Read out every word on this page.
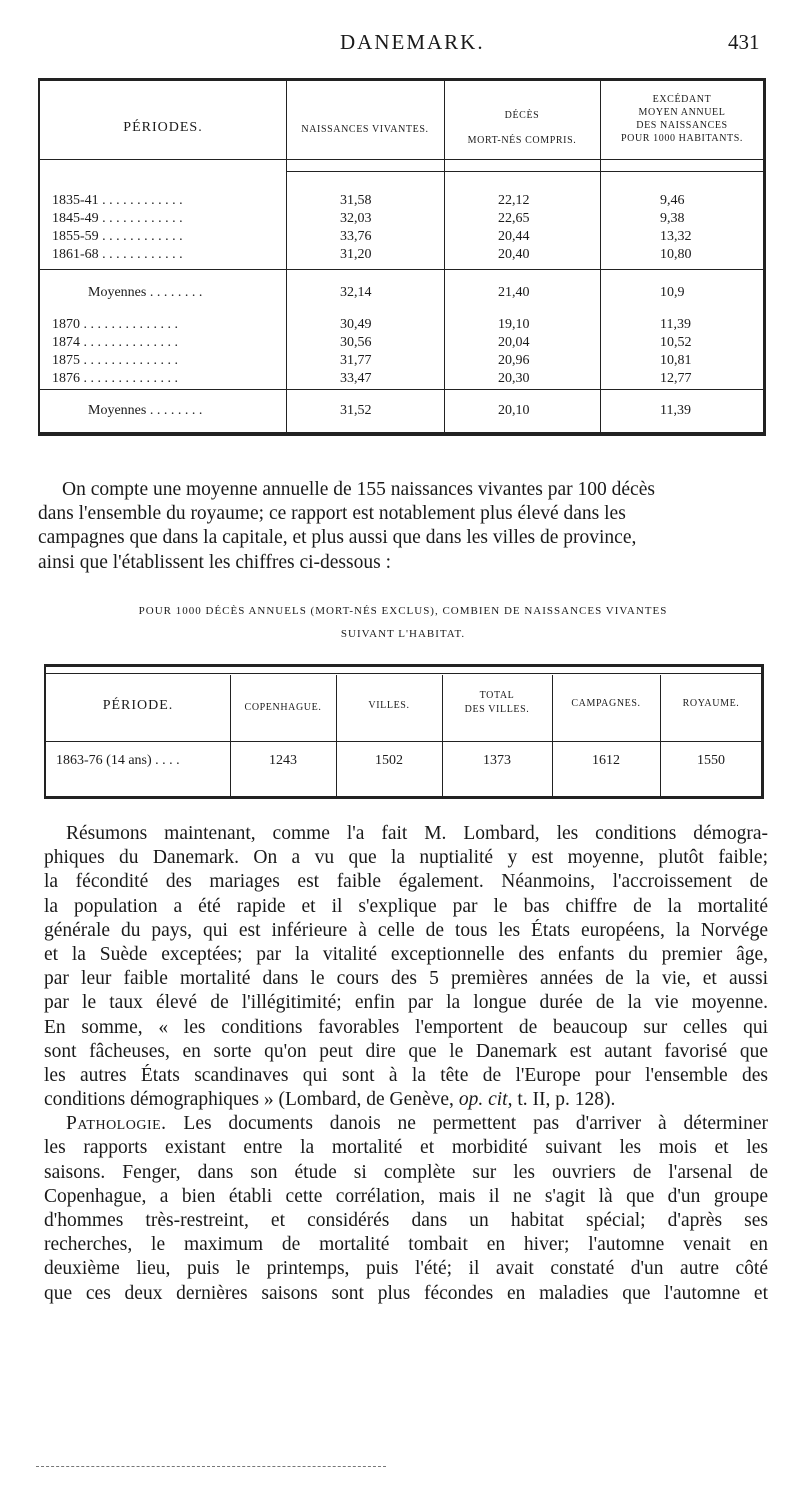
DANEMARK.	431
PÉRIODES.	NAISSANCES VIVANTES.
DÉCÈS
MORT-NÉS COMPRIS.
EXCÉDANT
MOYEN ANNUEL
DES NAISSANCES
POUR 1000 HABITANTS.
1835-41 . . . . . . . . . . . .	31,58	22,12	9,46
1845-49 . . . . . . . . . . . .	32,03	22,65	9,38
1855-59 . . . . . . . . . . . .	33,76	20,44	13,32
1861-68 . . . . . . . . . . . .	31,20	20,40	10,80
Moyennes . . . . . . . .	32,14	21,40	10,9
1870 . . . . . . . . . . . . . .	30,49	19,10	11,39
1874 . . . . . . . . . . . . . .	30,56	20,04	10,52
1875 . . . . . . . . . . . . . .	31,77	20,96	10,81
1876 . . . . . . . . . . . . . .	33,47	20,30	12,77
Moyennes . . . . . . . .	31,52	20,10	11,39
On compte une moyenne annuelle de 155 naissances vivantes par 100 décès
dans l'ensemble du royaume; ce rapport est notablement plus élevé dans les
campagnes que dans la capitale, et plus aussi que dans les villes de province,
ainsi que l'établissent les chiffres ci-dessous :
POUR 1000 DÉCÈS ANNUELS (MORT-NÉS EXCLUS), COMBIEN DE NAISSANCES VIVANTES
SUIVANT L'HABITAT.
PÉRIODE.	COPENHAGUE.	VILLES.
TOTAL
DES VILLES.
CAMPAGNES.	ROYAUME.
1863-76 (14 ans) . . . .	1243	1502	1373	1612	1550
Résumons maintenant, comme l'a fait M. Lombard, les conditions démogra-
phiques du Danemark. On a vu que la nuptialité y est moyenne, plutôt faible;
la fécondité des mariages est faible également. Néanmoins, l'accroissement de
la population a été rapide et il s'explique par le bas chiffre de la mortalité
générale du pays, qui est inférieure à celle de tous les États européens, la Norvége
et la Suède exceptées; par la vitalité exceptionnelle des enfants du premier âge,
par leur faible mortalité dans le cours des 5 premières années de la vie, et aussi
par le taux élevé de l'illégitimité; enfin par la longue durée de la vie moyenne.
En somme, « les conditions favorables l'emportent de beaucoup sur celles qui
sont fâcheuses, en sorte qu'on peut dire que le Danemark est autant favorisé que
les autres États scandinaves qui sont à la tête de l'Europe pour l'ensemble des
conditions démographiques » (Lombard, de Genève, op. cit, t. II, p. 128).
Pathologie. Les documents danois ne permettent pas d'arriver à déterminer
les rapports existant entre la mortalité et morbidité suivant les mois et les
saisons. Fenger, dans son étude si complète sur les ouvriers de l'arsenal de
Copenhague, a bien établi cette corrélation, mais il ne s'agit là que d'un groupe
d'hommes très-restreint, et considérés dans un habitat spécial; d'après ses
recherches, le maximum de mortalité tombait en hiver; l'automne venait en
deuxième lieu, puis le printemps, puis l'été; il avait constaté d'un autre côté
que ces deux dernières saisons sont plus fécondes en maladies que l'automne et
